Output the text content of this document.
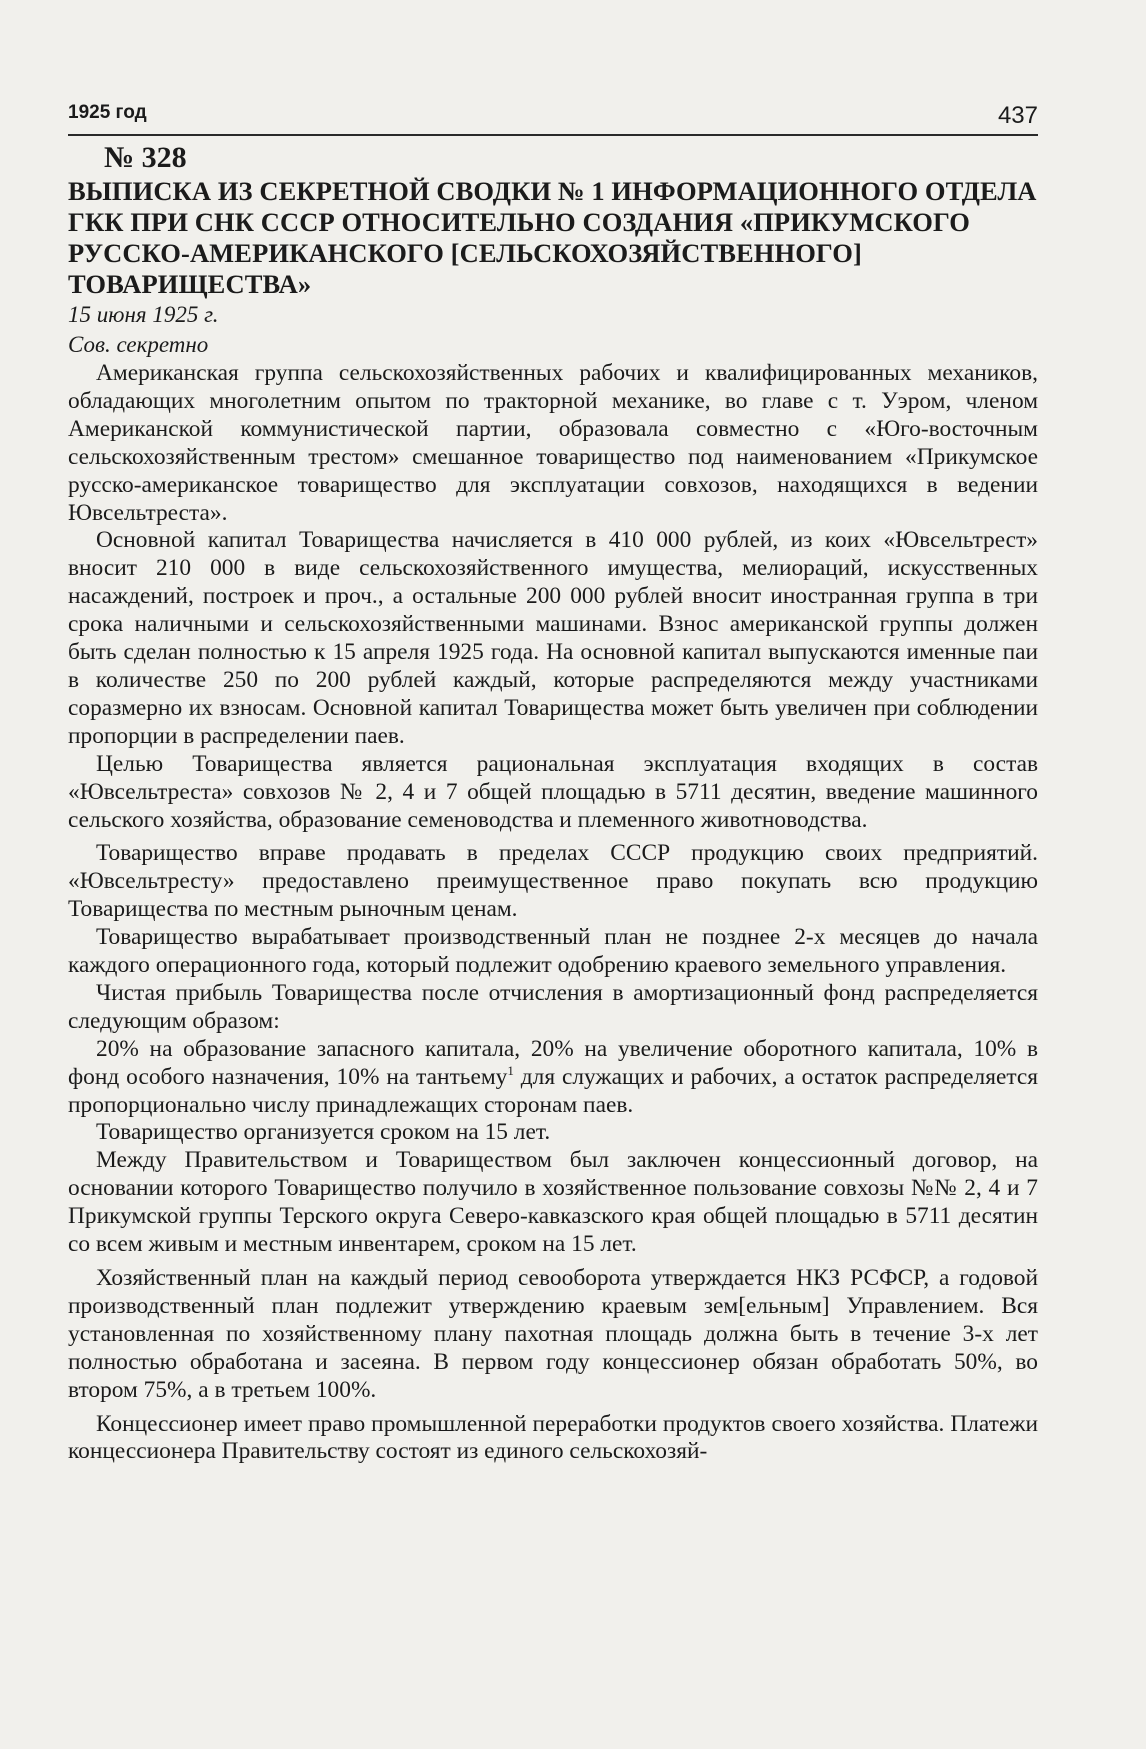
1925 год	437

№ 328

ВЫПИСКА ИЗ СЕКРЕТНОЙ СВОДКИ № 1 ИНФОРМАЦИОННОГО ОТДЕЛА ГКК ПРИ СНК СССР ОТНОСИТЕЛЬНО СОЗДАНИЯ «ПРИКУМСКОГО РУССКО-АМЕРИКАНСКОГО [СЕЛЬСКОХОЗЯЙСТВЕННОГО] ТОВАРИЩЕСТВА»

15 июня 1925 г.

Сов. секретно

Американская группа сельскохозяйственных рабочих и квалифицированных механиков, обладающих многолетним опытом по тракторной механике, во главе с т. Уэром, членом Американской коммунистической партии, образовала совместно с «Юго-восточным сельскохозяйственным трестом» смешанное товарищество под наименованием «Прикумское русско-американское товарищество для эксплуатации совхозов, находящихся в ведении Ювсельтреста».

Основной капитал Товарищества начисляется в 410 000 рублей, из коих «Ювсельтрест» вносит 210 000 в виде сельскохозяйственного имущества, мелиораций, искусственных насаждений, построек и проч., а остальные 200 000 рублей вносит иностранная группа в три срока наличными и сельскохозяйственными машинами. Взнос американской группы должен быть сделан полностью к 15 апреля 1925 года. На основной капитал выпускаются именные паи в количестве 250 по 200 рублей каждый, которые распределяются между участниками соразмерно их взносам. Основной капитал Товарищества может быть увеличен при соблюдении пропорции в распределении паев.

Целью Товарищества является рациональная эксплуатация входящих в состав «Ювсельтреста» совхозов № 2, 4 и 7 общей площадью в 5711 десятин, введение машинного сельского хозяйства, образование семеноводства и племенного животноводства.

Товарищество вправе продавать в пределах СССР продукцию своих предприятий. «Ювсельтресту» предоставлено преимущественное право покупать всю продукцию Товарищества по местным рыночным ценам.

Товарищество вырабатывает производственный план не позднее 2-х месяцев до начала каждого операционного года, который подлежит одобрению краевого земельного управления.

Чистая прибыль Товарищества после отчисления в амортизационный фонд распределяется следующим образом:

20% на образование запасного капитала, 20% на увеличение оборотного капитала, 10% в фонд особого назначения, 10% на тантьему$^1$ для служащих и рабочих, а остаток распределяется пропорционально числу принадлежащих сторонам паев.

Товарищество организуется сроком на 15 лет.

Между Правительством и Товариществом был заключен концессионный договор, на основании которого Товарищество получило в хозяйственное пользование совхозы №№ 2, 4 и 7 Прикумской группы Терского округа Северо-кавказского края общей площадью в 5711 десятин со всем живым и местным инвентарем, сроком на 15 лет.

Хозяйственный план на каждый период севооборота утверждается НКЗ РСФСР, а годовой производственный план подлежит утверждению краевым зем[ельным] Управлением. Вся установленная по хозяйственному плану пахотная площадь должна быть в течение 3-х лет полностью обработана и засеяна. В первом году концессионер обязан обработать 50%, во втором 75%, а в третьем 100%.

Концессионер имеет право промышленной переработки продуктов своего хозяйства. Платежи концессионера Правительству состоят из единого сельскохозяй-
